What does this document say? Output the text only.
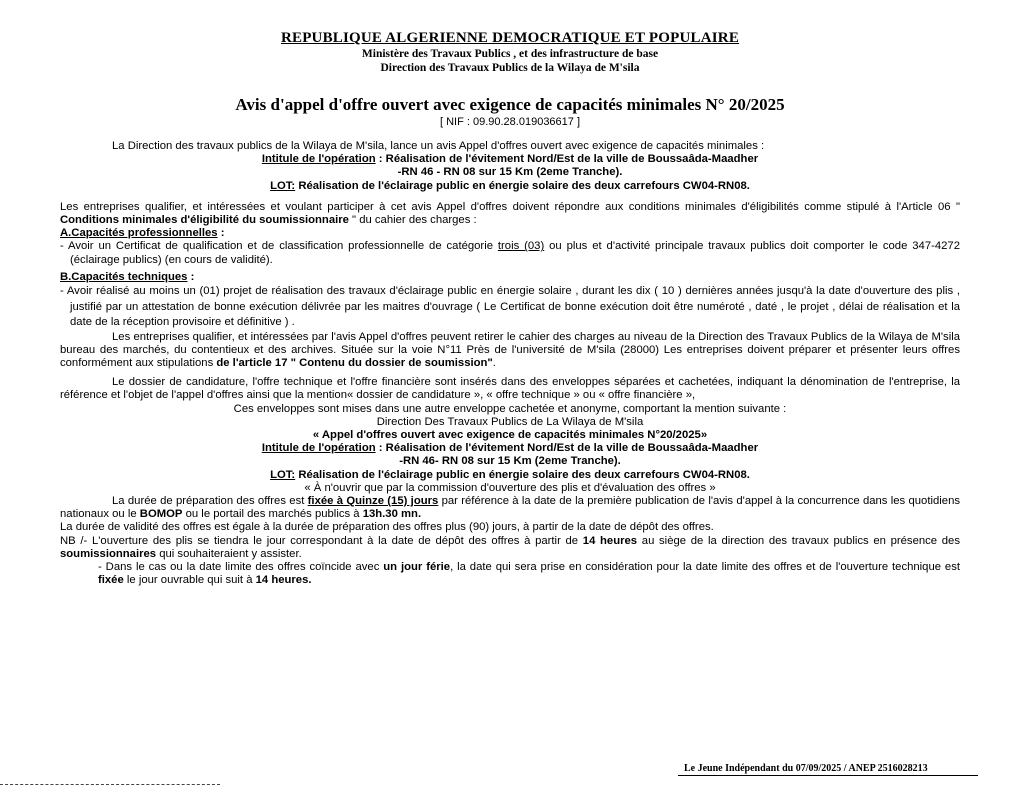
REPUBLIQUE ALGERIENNE DEMOCRATIQUE ET POPULAIRE
Ministère des Travaux Publics , et des infrastructure de base
Direction des Travaux Publics de la Wilaya de M'sila
Avis d'appel d'offre ouvert avec exigence de capacités minimales N° 20/2025
[ NIF : 09.90.28.019036617 ]

La Direction des travaux publics de la Wilaya de M'sila, lance un avis Appel d'offres ouvert avec exigence de capacités minimales :

Intitule de l'opération : Réalisation de l'évitement Nord/Est de la ville de Boussaâda-Maadher

-RN 46 - RN 08 sur 15 Km (2eme Tranche).

LOT: Réalisation de l'éclairage public en énergie solaire des deux carrefours CW04-RN08.

Les entreprises qualifier, et intéressées et voulant participer à cet avis Appel d'offres doivent répondre aux conditions minimales d'éligibilités comme stipulé à l'Article 06 " Conditions minimales d'éligibilité du soumissionnaire " du cahier des charges :

A.Capacités professionnelles :

- Avoir un Certificat de qualification et de classification professionnelle de catégorie trois (03) ou plus et d'activité principale travaux publics doit comporter le code 347-4272 (éclairage publics) (en cours de validité).

B.Capacités techniques :

- Avoir réalisé au moins un (01) projet de réalisation des travaux d'éclairage public en énergie solaire , durant les dix ( 10 ) dernières années jusqu'à la date d'ouverture des plis , justifié par un attestation de bonne exécution délivrée par les maitres d'ouvrage ( Le Certificat de bonne exécution doit être numéroté , daté , le projet , délai de réalisation et la date de la réception provisoire et définitive ) .

Les entreprises qualifier, et intéressées par l'avis Appel d'offres peuvent retirer le cahier des charges au niveau de la Direction des Travaux Publics de la Wilaya de M'sila bureau des marchés, du contentieux et des archives. Située sur la voie N°11 Près de l'université de M'sila (28000) Les entreprises doivent préparer et présenter leurs offres conformément aux stipulations de l'article 17 " Contenu du dossier de soumission".

Le dossier de candidature, l'offre technique et l'offre financière sont insérés dans des enveloppes séparées et cachetées, indiquant la dénomination de l'entreprise, la référence et l'objet de l'appel d'offres ainsi que la mention« dossier de candidature », « offre technique » ou « offre financière »,

Ces enveloppes sont mises dans une autre enveloppe cachetée et anonyme, comportant la mention suivante :

Direction Des Travaux Publics de La Wilaya de M'sila

« Appel d'offres ouvert avec exigence de capacités minimales N°20/2025»

Intitule de l'opération : Réalisation de l'évitement Nord/Est de la ville de Boussaâda-Maadher

-RN 46- RN 08 sur 15 Km (2eme Tranche).

LOT: Réalisation de l'éclairage public en énergie solaire des deux carrefours CW04-RN08.

« À n'ouvrir que par la commission d'ouverture des plis et d'évaluation des offres »

La durée de préparation des offres est fixée à Quinze (15) jours par référence à la date de la première publication de l'avis d'appel à la concurrence dans les quotidiens nationaux ou le BOMOP ou le portail des marchés publics à 13h.30 mn.

La durée de validité des offres est égale à la durée de préparation des offres plus (90) jours, à partir de la date de dépôt des offres.

NB /- L'ouverture des plis se tiendra le jour correspondant à la date de dépôt des offres à partir de 14 heures au siège de la direction des travaux publics en présence des soumissionnaires qui souhaiteraient y assister.

- Dans le cas ou la date limite des offres coïncide avec un jour férie, la date qui sera prise en considération pour la date limite des offres et de l'ouverture technique est fixée le jour ouvrable qui suit à 14 heures.

Le Jeune Indépendant du 07/09/2025 / ANEP 2516028213
